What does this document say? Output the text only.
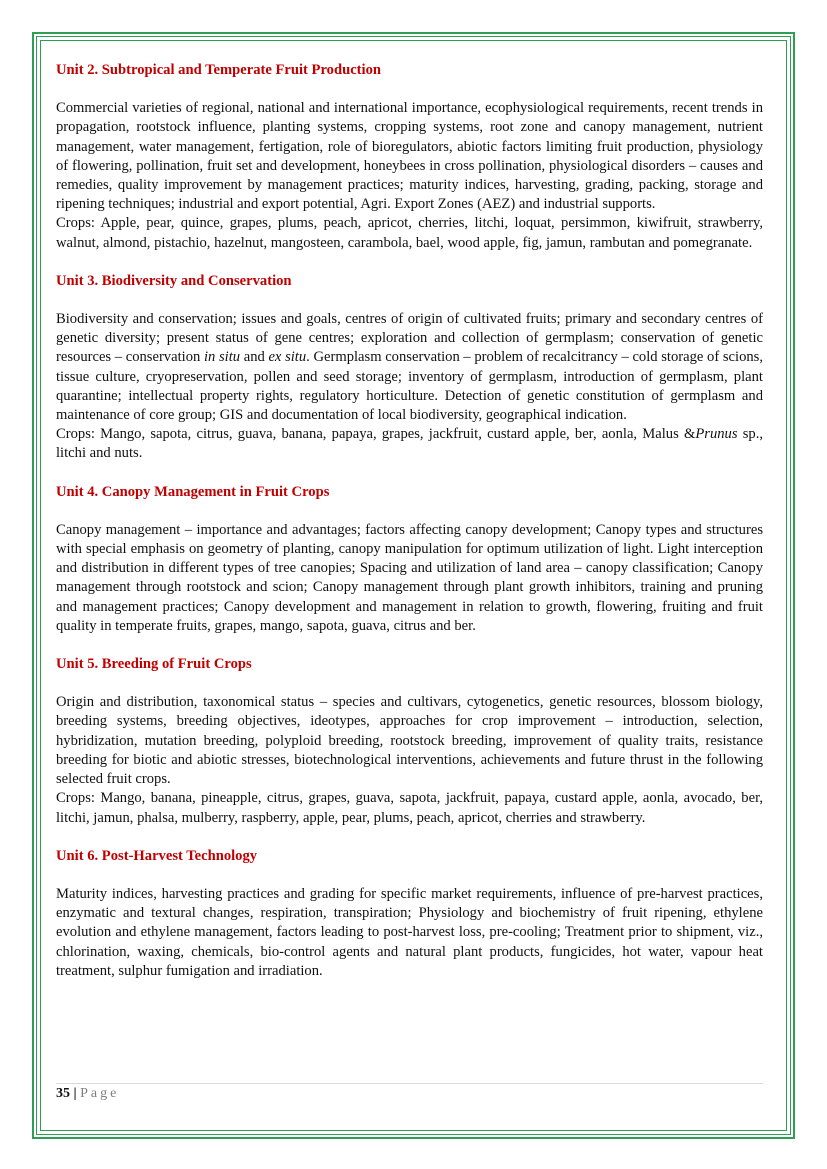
Unit 2. Subtropical and Temperate Fruit Production

Commercial varieties of regional, national and international importance, ecophysiological requirements, recent trends in propagation, rootstock influence, planting systems, cropping systems, root zone and canopy management, nutrient management, water management, fertigation, role of bioregulators, abiotic factors limiting fruit production, physiology of flowering, pollination, fruit set and development, honeybees in cross pollination, physiological disorders – causes and remedies, quality improvement by management practices; maturity indices, harvesting, grading, packing, storage and ripening techniques; industrial and export potential, Agri. Export Zones (AEZ) and industrial supports.

Crops: Apple, pear, quince, grapes, plums, peach, apricot, cherries, litchi, loquat, persimmon, kiwifruit, strawberry, walnut, almond, pistachio, hazelnut, mangosteen, carambola, bael, wood apple, fig, jamun, rambutan and pomegranate.

Unit 3. Biodiversity and Conservation

Biodiversity and conservation; issues and goals, centres of origin of cultivated fruits; primary and secondary centres of genetic diversity; present status of gene centres; exploration and collection of germplasm; conservation of genetic resources – conservation in situ and ex situ. Germplasm conservation – problem of recalcitrancy – cold storage of scions, tissue culture, cryopreservation, pollen and seed storage; inventory of germplasm, introduction of germplasm, plant quarantine; intellectual property rights, regulatory horticulture. Detection of genetic constitution of germplasm and maintenance of core group; GIS and documentation of local biodiversity, geographical indication.

Crops: Mango, sapota, citrus, guava, banana, papaya, grapes, jackfruit, custard apple, ber, aonla, Malus &Prunus sp., litchi and nuts.

Unit 4. Canopy Management in Fruit Crops

Canopy management – importance and advantages; factors affecting canopy development; Canopy types and structures with special emphasis on geometry of planting, canopy manipulation for optimum utilization of light. Light interception and distribution in different types of tree canopies; Spacing and utilization of land area – canopy classification; Canopy management through rootstock and scion; Canopy management through plant growth inhibitors, training and pruning and management practices; Canopy development and management in relation to growth, flowering, fruiting and fruit quality in temperate fruits, grapes, mango, sapota, guava, citrus and ber.

Unit 5. Breeding of Fruit Crops

Origin and distribution, taxonomical status – species and cultivars, cytogenetics, genetic resources, blossom biology, breeding systems, breeding objectives, ideotypes, approaches for crop improvement – introduction, selection, hybridization, mutation breeding, polyploid breeding, rootstock breeding, improvement of quality traits, resistance breeding for biotic and abiotic stresses, biotechnological interventions, achievements and future thrust in the following selected fruit crops.

Crops: Mango, banana, pineapple, citrus, grapes, guava, sapota, jackfruit, papaya, custard apple, aonla, avocado, ber, litchi, jamun, phalsa, mulberry, raspberry, apple, pear, plums, peach, apricot, cherries and strawberry.

Unit 6. Post-Harvest Technology

Maturity indices, harvesting practices and grading for specific market requirements, influence of pre-harvest practices, enzymatic and textural changes, respiration, transpiration; Physiology and biochemistry of fruit ripening, ethylene evolution and ethylene management, factors leading to post-harvest loss, pre-cooling; Treatment prior to shipment, viz., chlorination, waxing, chemicals, bio-control agents and natural plant products, fungicides, hot water, vapour heat treatment, sulphur fumigation and irradiation.

35 | Page
